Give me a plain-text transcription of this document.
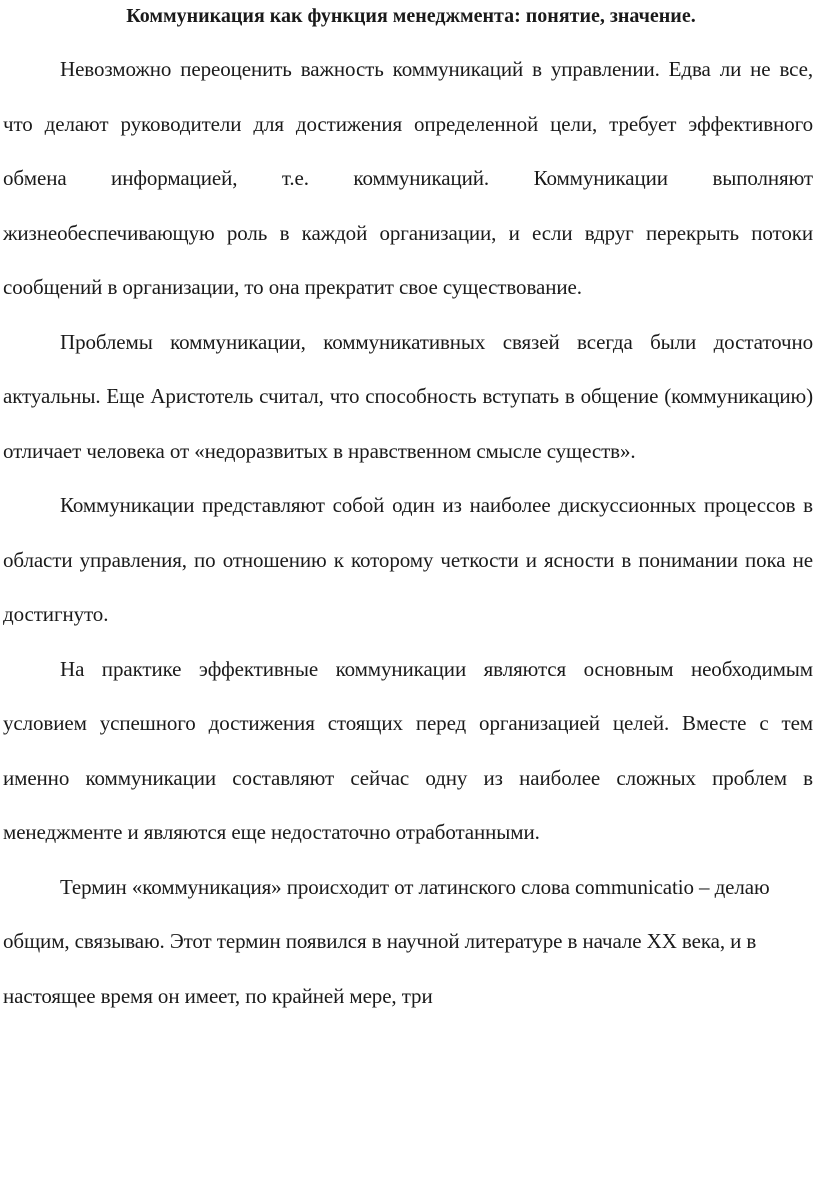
Коммуникация как функция менеджмента: понятие, значение.

Невозможно переоценить важность коммуникаций в управлении. Едва ли не все, что делают руководители для достижения определенной цели, требует эффективного обмена информацией, т.е. коммуникаций. Коммуникации выполняют жизнеобеспечивающую роль в каждой организации, и если вдруг перекрыть потоки сообщений в организации, то она прекратит свое существование.

Проблемы коммуникации, коммуникативных связей всегда были достаточно актуальны. Еще Аристотель считал, что способность вступать в общение (коммуникацию) отличает человека от «недоразвитых в нравственном смысле существ».

Коммуникации представляют собой один из наиболее дискуссионных процессов в области управления, по отношению к которому четкости и ясности в понимании пока не достигнуто.

На практике эффективные коммуникации являются основным необходимым условием успешного достижения стоящих перед организацией целей. Вместе с тем именно коммуникации составляют сейчас одну из наиболее сложных проблем в менеджменте и являются еще недостаточно отработанными.

Термин «коммуникация» происходит от латинского слова communicatio – делаю общим, связываю. Этот термин появился в научной литературе в начале XX века, и в настоящее время он имеет, по крайней мере, три
